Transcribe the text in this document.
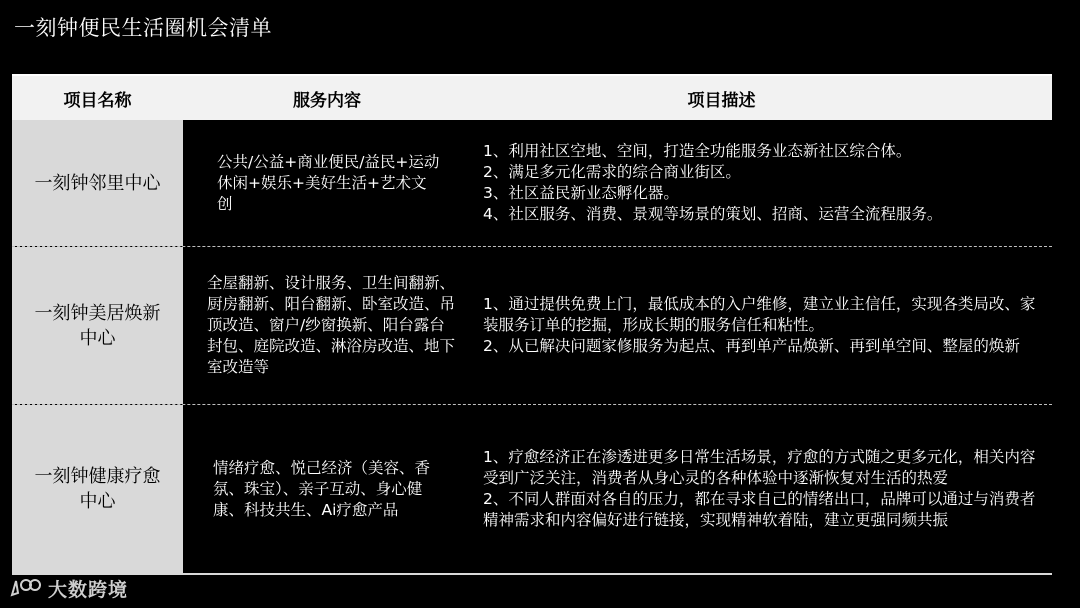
一刻钟便民生活圈机会清单
项目名称	服务内容	项目描述
一刻钟邻里中心
公共/公益+商业便民/益民+运动休闲+娱乐+美好生活+艺术文创
1、利用社区空地、空间，打造全功能服务业态新社区综合体。
2、满足多元化需求的综合商业街区。
3、社区益民新业态孵化器。
4、社区服务、消费、景观等场景的策划、招商、运营全流程服务。
一刻钟美居焕新中心
全屋翻新、设计服务、卫生间翻新、厨房翻新、阳台翻新、卧室改造、吊顶改造、窗户/纱窗换新、阳台露台封包、庭院改造、淋浴房改造、地下室改造等
1、通过提供免费上门，最低成本的入户维修，建立业主信任，实现各类局改、家装服务订单的挖掘，形成长期的服务信任和粘性。
2、从已解决问题家修服务为起点、再到单产品焕新、再到单空间、整屋的焕新
一刻钟健康疗愈中心
情绪疗愈、悦己经济（美容、香氛、珠宝）、亲子互动、身心健康、科技共生、Ai疗愈产品
1、疗愈经济正在渗透进更多日常生活场景，疗愈的方式随之更多元化，相关内容受到广泛关注，消费者从身心灵的各种体验中逐渐恢复对生活的热爱
2、不同人群面对各自的压力，都在寻求自己的情绪出口，品牌可以通过与消费者精神需求和内容偏好进行链接，实现精神软着陆，建立更强同频共振
大数跨境
